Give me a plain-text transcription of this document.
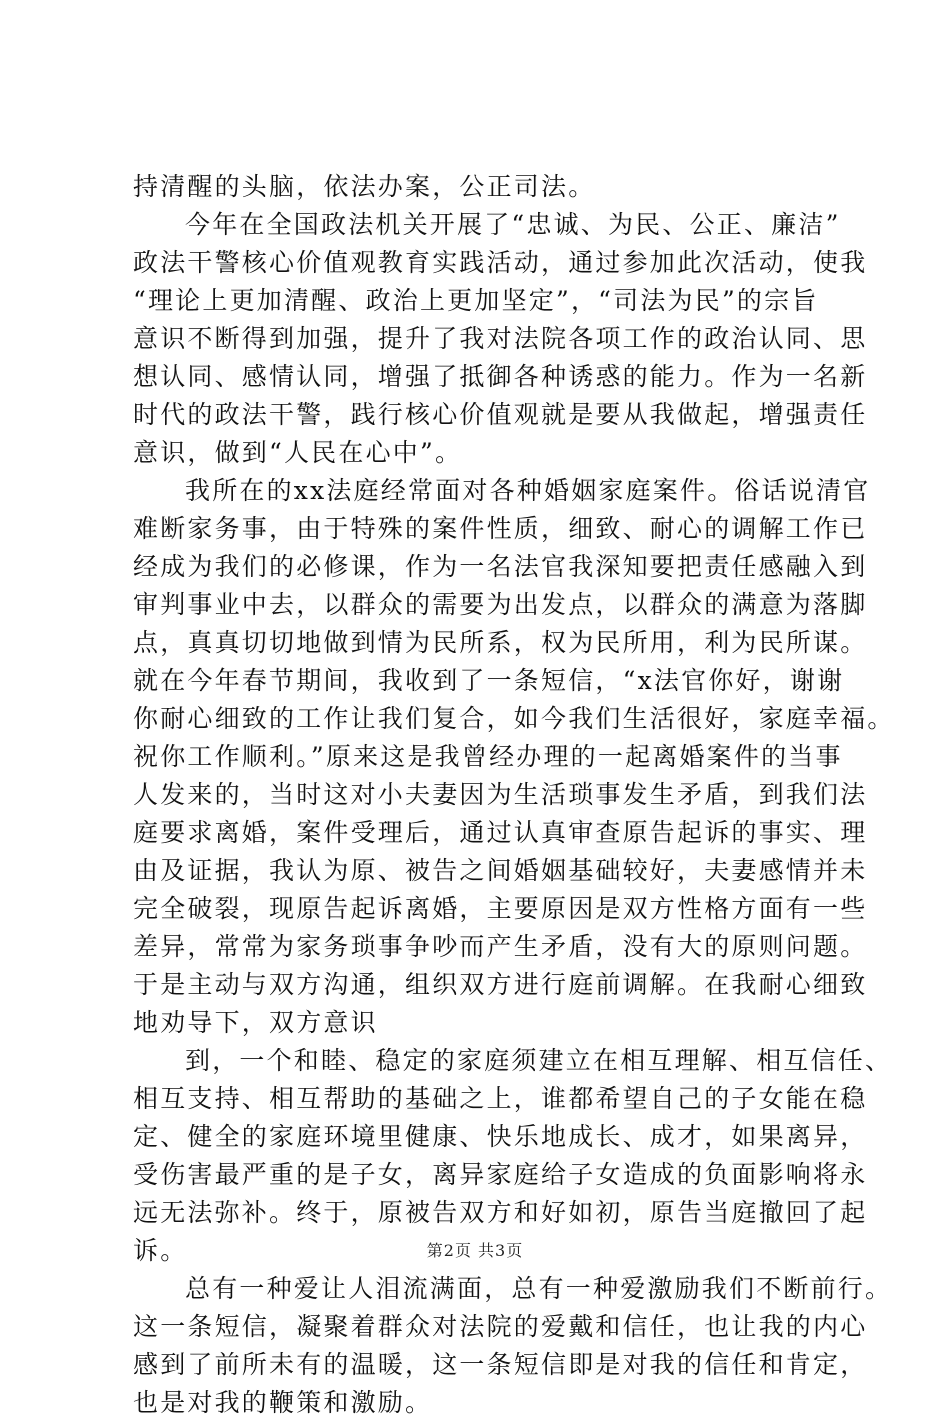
持清醒的头脑，依法办案，公正司法。
今年在全国政法机关开展了“忠诚、为民、公正、廉洁”
政法干警核心价值观教育实践活动，通过参加此次活动，使我
“理论上更加清醒、政治上更加坚定”，“司法为民”的宗旨
意识不断得到加强，提升了我对法院各项工作的政治认同、思
想认同、感情认同，增强了抵御各种诱惑的能力。作为一名新
时代的政法干警，践行核心价值观就是要从我做起，增强责任
意识，做到“人民在心中”。
我所在的xx法庭经常面对各种婚姻家庭案件。俗话说清官
难断家务事，由于特殊的案件性质，细致、耐心的调解工作已
经成为我们的必修课，作为一名法官我深知要把责任感融入到
审判事业中去，以群众的需要为出发点，以群众的满意为落脚
点，真真切切地做到情为民所系，权为民所用，利为民所谋。
就在今年春节期间，我收到了一条短信，“x法官你好，谢谢
你耐心细致的工作让我们复合，如今我们生活很好，家庭幸福。
祝你工作顺利。”原来这是我曾经办理的一起离婚案件的当事
人发来的，当时这对小夫妻因为生活琐事发生矛盾，到我们法
庭要求离婚，案件受理后，通过认真审查原告起诉的事实、理
由及证据，我认为原、被告之间婚姻基础较好，夫妻感情并未
完全破裂，现原告起诉离婚，主要原因是双方性格方面有一些
差异，常常为家务琐事争吵而产生矛盾，没有大的原则问题。
于是主动与双方沟通，组织双方进行庭前调解。在我耐心细致
地劝导下，双方意识
到，一个和睦、稳定的家庭须建立在相互理解、相互信任、
相互支持、相互帮助的基础之上，谁都希望自己的子女能在稳
定、健全的家庭环境里健康、快乐地成长、成才，如果离异，
受伤害最严重的是子女，离异家庭给子女造成的负面影响将永
远无法弥补。终于，原被告双方和好如初，原告当庭撤回了起
诉。
总有一种爱让人泪流满面，总有一种爱激励我们不断前行。
这一条短信，凝聚着群众对法院的爱戴和信任，也让我的内心
感到了前所未有的温暖，这一条短信即是对我的信任和肯定，
也是对我的鞭策和激励。
第2页 共3页
